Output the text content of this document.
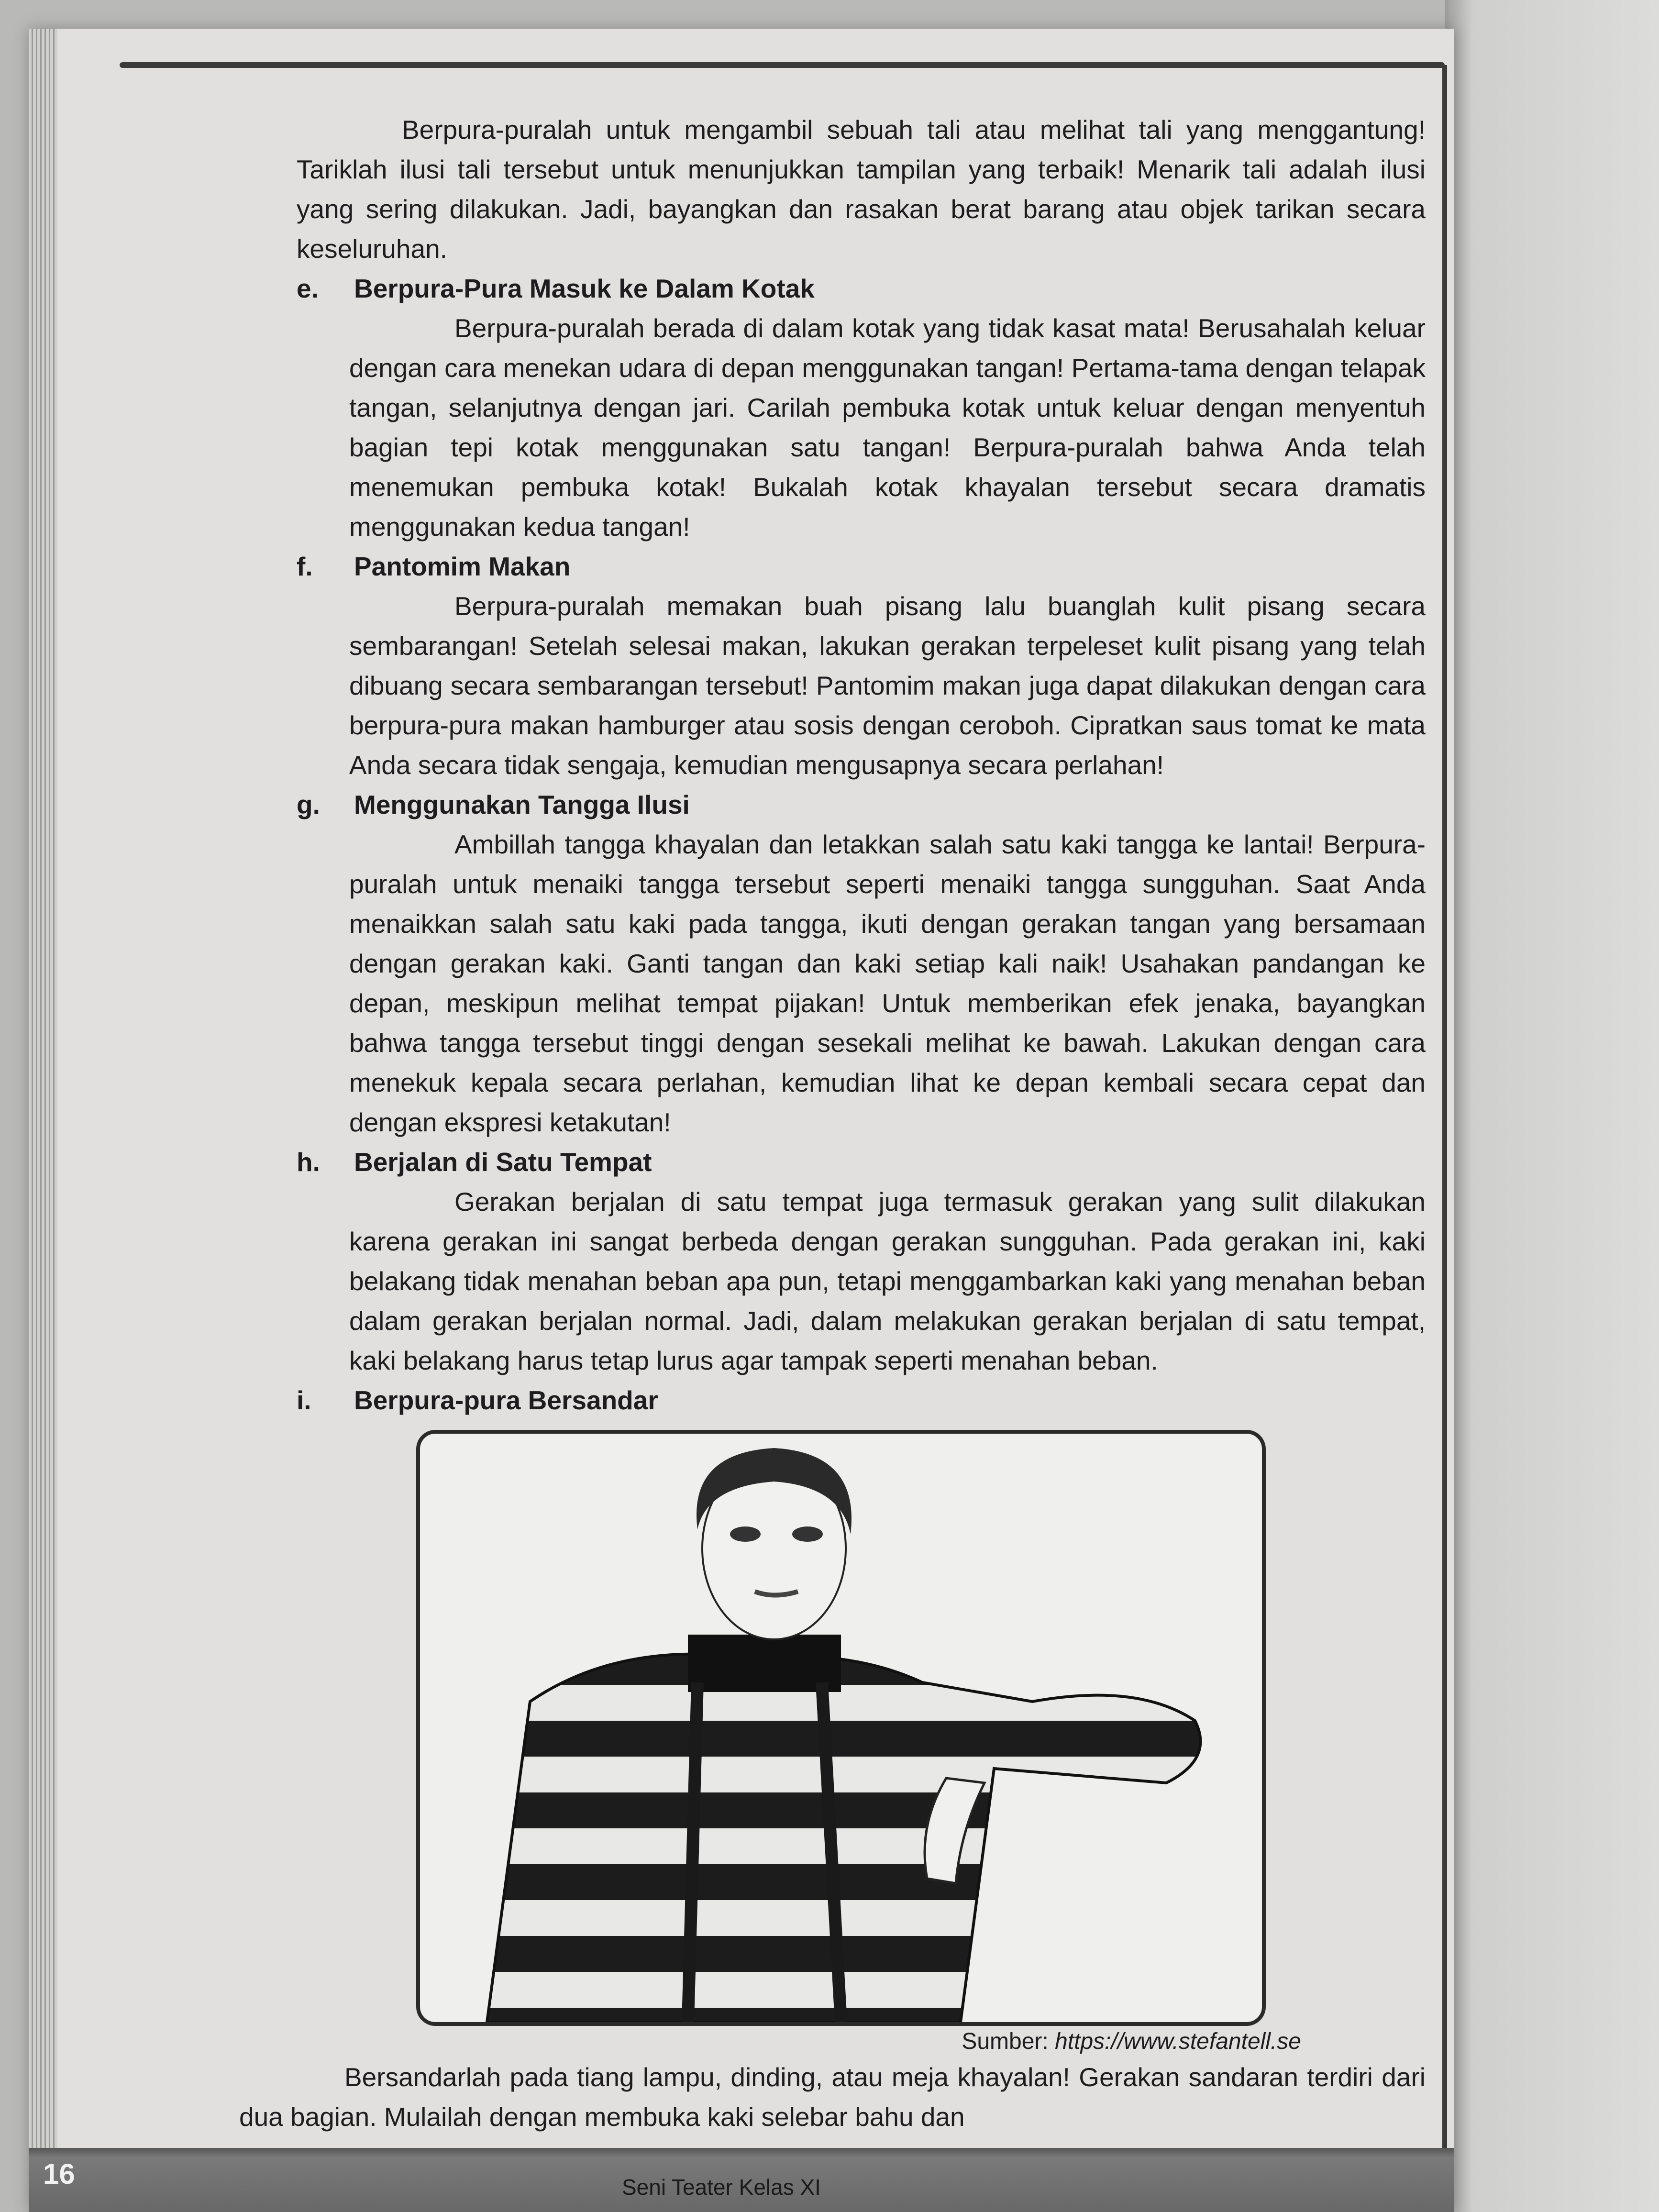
Berpura-puralah untuk mengambil sebuah tali atau melihat tali yang menggantung! Tariklah ilusi tali tersebut untuk menunjukkan tampilan yang terbaik! Menarik tali adalah ilusi yang sering dilakukan. Jadi, bayangkan dan rasakan berat barang atau objek tarikan secara keseluruhan.

e.	Berpura-Pura Masuk ke Dalam Kotak

Berpura-puralah berada di dalam kotak yang tidak kasat mata! Berusahalah keluar dengan cara menekan udara di depan menggunakan tangan! Pertama-tama dengan telapak tangan, selanjutnya dengan jari. Carilah pembuka kotak untuk keluar dengan menyentuh bagian tepi kotak menggunakan satu tangan! Berpura-puralah bahwa Anda telah menemukan pembuka kotak! Bukalah kotak khayalan tersebut secara dramatis menggunakan kedua tangan!

f.	Pantomim Makan

Berpura-puralah memakan buah pisang lalu buanglah kulit pisang secara sembarangan! Setelah selesai makan, lakukan gerakan terpeleset kulit pisang yang telah dibuang secara sembarangan tersebut! Pantomim makan juga dapat dilakukan dengan cara berpura-pura makan hamburger atau sosis dengan ceroboh. Cipratkan saus tomat ke mata Anda secara tidak sengaja, kemudian mengusapnya secara perlahan!

g.	Menggunakan Tangga Ilusi

Ambillah tangga khayalan dan letakkan salah satu kaki tangga ke lantai! Berpura-puralah untuk menaiki tangga tersebut seperti menaiki tangga sungguhan. Saat Anda menaikkan salah satu kaki pada tangga, ikuti dengan gerakan tangan yang bersamaan dengan gerakan kaki. Ganti tangan dan kaki setiap kali naik! Usahakan pandangan ke depan, meskipun melihat tempat pijakan! Untuk memberikan efek jenaka, bayangkan bahwa tangga tersebut tinggi dengan sesekali melihat ke bawah. Lakukan dengan cara menekuk kepala secara perlahan, kemudian lihat ke depan kembali secara cepat dan dengan ekspresi ketakutan!

h.	Berjalan di Satu Tempat

Gerakan berjalan di satu tempat juga termasuk gerakan yang sulit dilakukan karena gerakan ini sangat berbeda dengan gerakan sungguhan. Pada gerakan ini, kaki belakang tidak menahan beban apa pun, tetapi menggambarkan kaki yang menahan beban dalam gerakan berjalan normal. Jadi, dalam melakukan gerakan berjalan di satu tempat, kaki belakang harus tetap lurus agar tampak seperti menahan beban.

i.	Berpura-pura Bersandar
Sumber: https://www.stefantell.se

Bersandarlah pada tiang lampu, dinding, atau meja khayalan! Gerakan sandaran terdiri dari dua bagian. Mulailah dengan membuka kaki selebar bahu dan

16	Seni Teater Kelas XI
